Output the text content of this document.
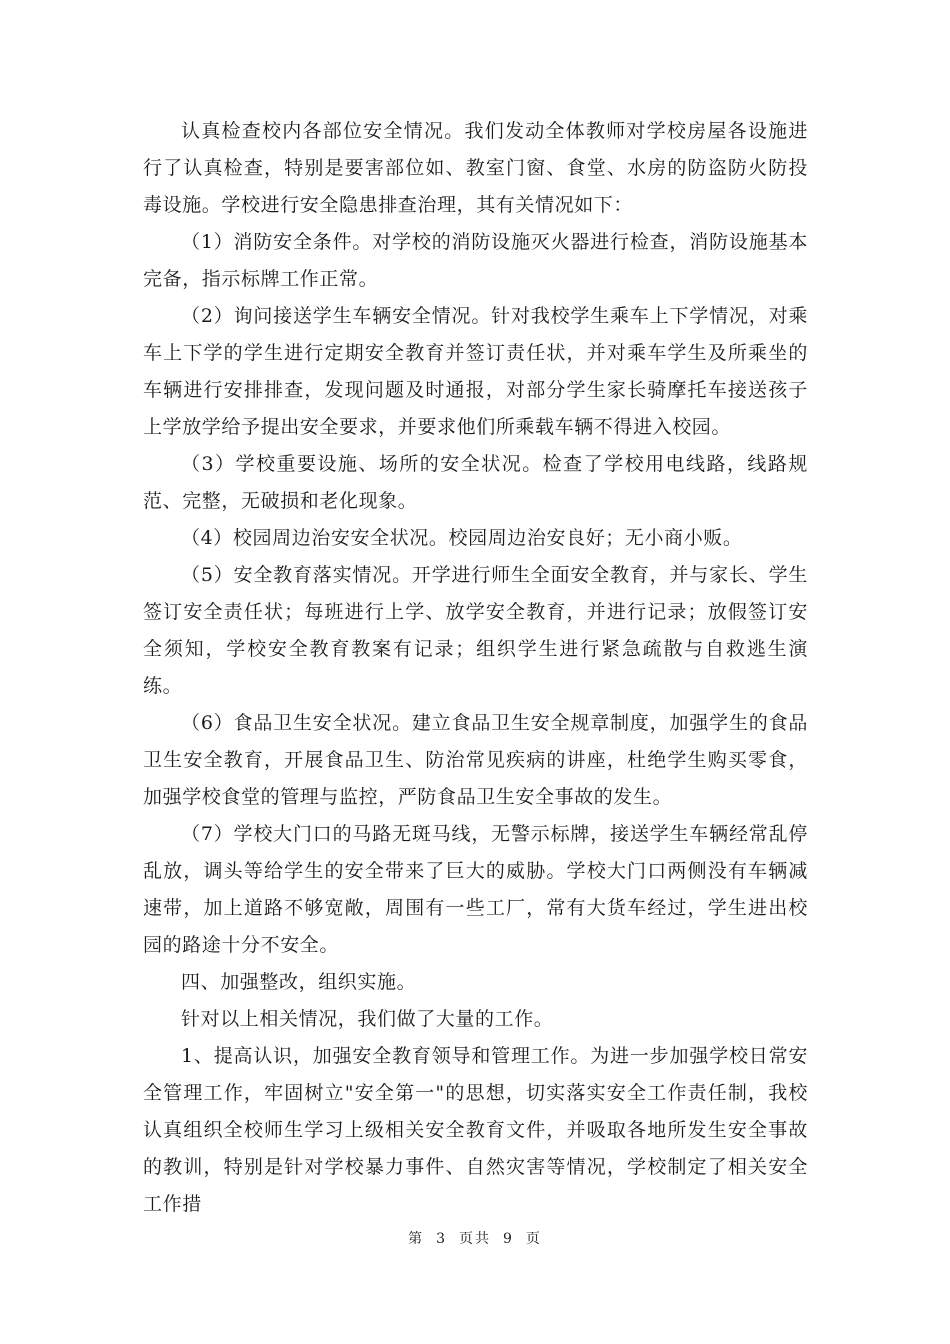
认真检查校内各部位安全情况。我们发动全体教师对学校房屋各设施进行了认真检查，特别是要害部位如、教室门窗、食堂、水房的防盗防火防投毒设施。学校进行安全隐患排查治理，其有关情况如下：

（1）消防安全条件。对学校的消防设施灭火器进行检查，消防设施基本完备，指示标牌工作正常。

（2）询问接送学生车辆安全情况。针对我校学生乘车上下学情况，对乘车上下学的学生进行定期安全教育并签订责任状，并对乘车学生及所乘坐的车辆进行安排排查，发现问题及时通报，对部分学生家长骑摩托车接送孩子上学放学给予提出安全要求，并要求他们所乘载车辆不得进入校园。

（3）学校重要设施、场所的安全状况。检查了学校用电线路，线路规范、完整，无破损和老化现象。

（4）校园周边治安安全状况。校园周边治安良好；无小商小贩。

（5）安全教育落实情况。开学进行师生全面安全教育，并与家长、学生签订安全责任状；每班进行上学、放学安全教育，并进行记录；放假签订安全须知，学校安全教育教案有记录；组织学生进行紧急疏散与自救逃生演练。

（6）食品卫生安全状况。建立食品卫生安全规章制度，加强学生的食品卫生安全教育，开展食品卫生、防治常见疾病的讲座，杜绝学生购买零食，加强学校食堂的管理与监控，严防食品卫生安全事故的发生。

（7）学校大门口的马路无斑马线，无警示标牌，接送学生车辆经常乱停乱放，调头等给学生的安全带来了巨大的威胁。学校大门口两侧没有车辆减速带，加上道路不够宽敞，周围有一些工厂，常有大货车经过，学生进出校园的路途十分不安全。

四、加强整改，组织实施。

针对以上相关情况，我们做了大量的工作。

1、提高认识，加强安全教育领导和管理工作。为进一步加强学校日常安全管理工作，牢固树立"安全第一"的思想，切实落实安全工作责任制，我校认真组织全校师生学习上级相关安全教育文件，并吸取各地所发生安全事故的教训，特别是针对学校暴力事件、自然灾害等情况，学校制定了相关安全工作措

第 3 页共 9 页
